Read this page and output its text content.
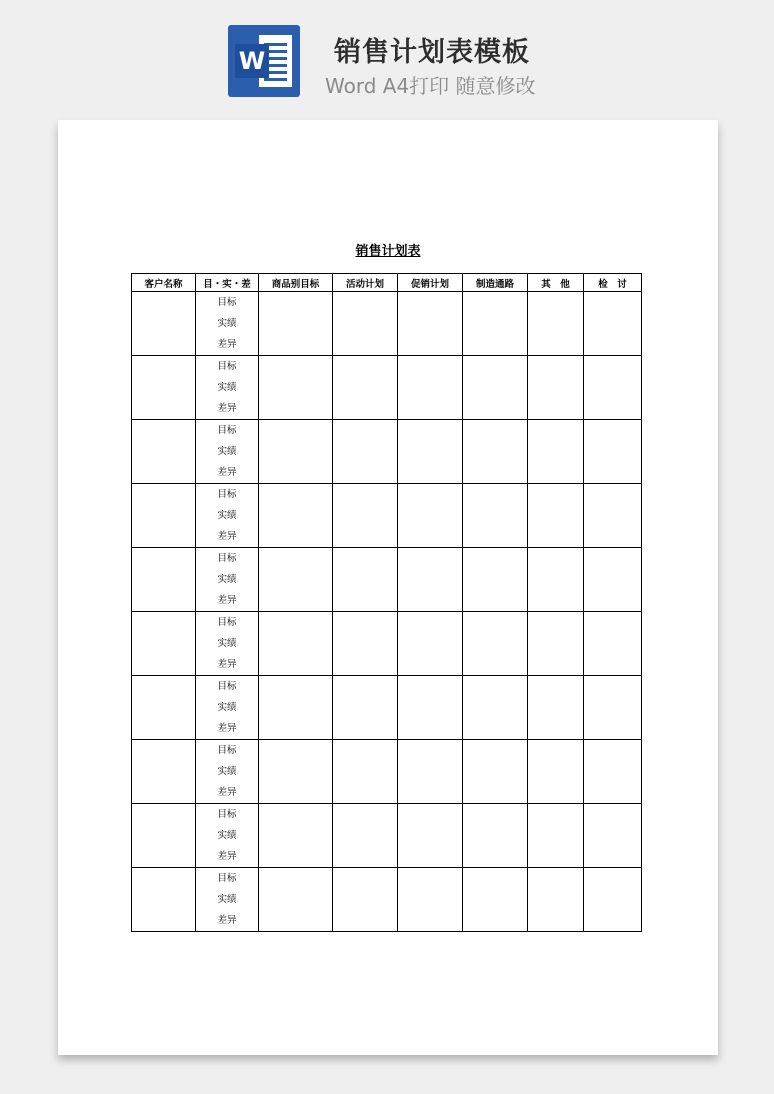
W	销售计划表模板
Word A4打印 随意修改
销售计划表
客户名称	目・实・差	商品别目标	活动计划	促销计划	制造通路	其　他	检　讨

	目标
实绩
差异						

	目标
实绩
差异						

	目标
实绩
差异						

	目标
实绩
差异						

	目标
实绩
差异						

	目标
实绩
差异						

	目标
实绩
差异						

	目标
实绩
差异						

	目标
实绩
差异						

	目标
实绩
差异						
